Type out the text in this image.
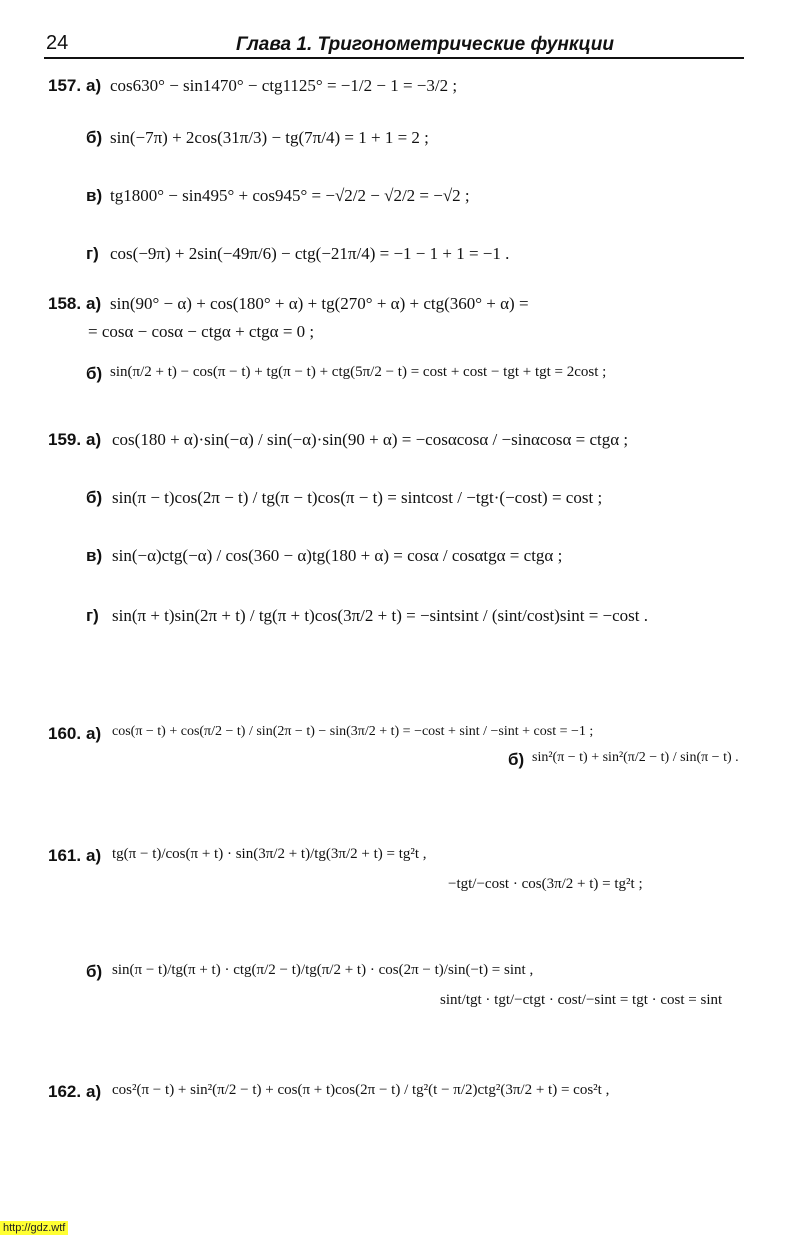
24	Глава 1. Тригонометрические функции
157. а) cos630° − sin1470° − ctg1125° = −1/2 − 1 = −3/2 ;
б) sin(−7π) + 2cos(31π/3) − tg(7π/4) = 1 + 1 = 2 ;
в) tg1800° − sin495° + cos945° = −√2/2 − √2/2 = −√2 ;
г) cos(−9π) + 2sin(−49π/6) − ctg(−21π/4) = −1 − 1 + 1 = −1 .
158. а) sin(90° − α) + cos(180° + α) + tg(270° + α) + ctg(360° + α) =
= cosα − cosα − ctgα + ctgα = 0 ;
б) sin(π/2 + t) − cos(π − t) + tg(π − t) + ctg(5π/2 − t) = cost + cost − tgt + tgt = 2cost ;
159. а) cos(180 + α)·sin(−α) / sin(−α)·sin(90 + α) = −cosαcosα / −sinαcosα = ctgα ;
б) sin(π − t)cos(2π − t) / tg(π − t)cos(π − t) = sintcost / −tgt·(−cost) = cost ;
в) sin(−α)ctg(−α) / cos(360 − α)tg(180 + α) = cosα / cosαtgα = ctgα ;
г) sin(π + t)sin(2π + t) / tg(π + t)cos(3π/2 + t) = −sintsint / (sint/cost)sint = −cost .
160. а) cos(π − t) + cos(π/2 − t) / sin(2π − t) − sin(3π/2 + t) = −cost + sint / −sint + cost = −1 ;
б) sin²(π − t) + sin²(π/2 − t) / sin(π − t) .
161. а) tg(π − t)/cos(π + t) · sin(3π/2 + t)/tg(3π/2 + t) = tg²t ,
−tgt/−cost · cos(3π/2 + t) = tg²t ;
б) sin(π − t)/tg(π + t) · ctg(π/2 − t)/tg(π/2 + t) · cos(2π − t)/sin(−t) = sint ,
sint/tgt · tgt/−ctgt · cost/−sint = tgt · cost = sint
162. а) cos²(π − t) + sin²(π/2 − t) + cos(π + t)cos(2π − t) / tg²(t − π/2)ctg²(3π/2 + t) = cos²t ,
http://gdz.wtf
